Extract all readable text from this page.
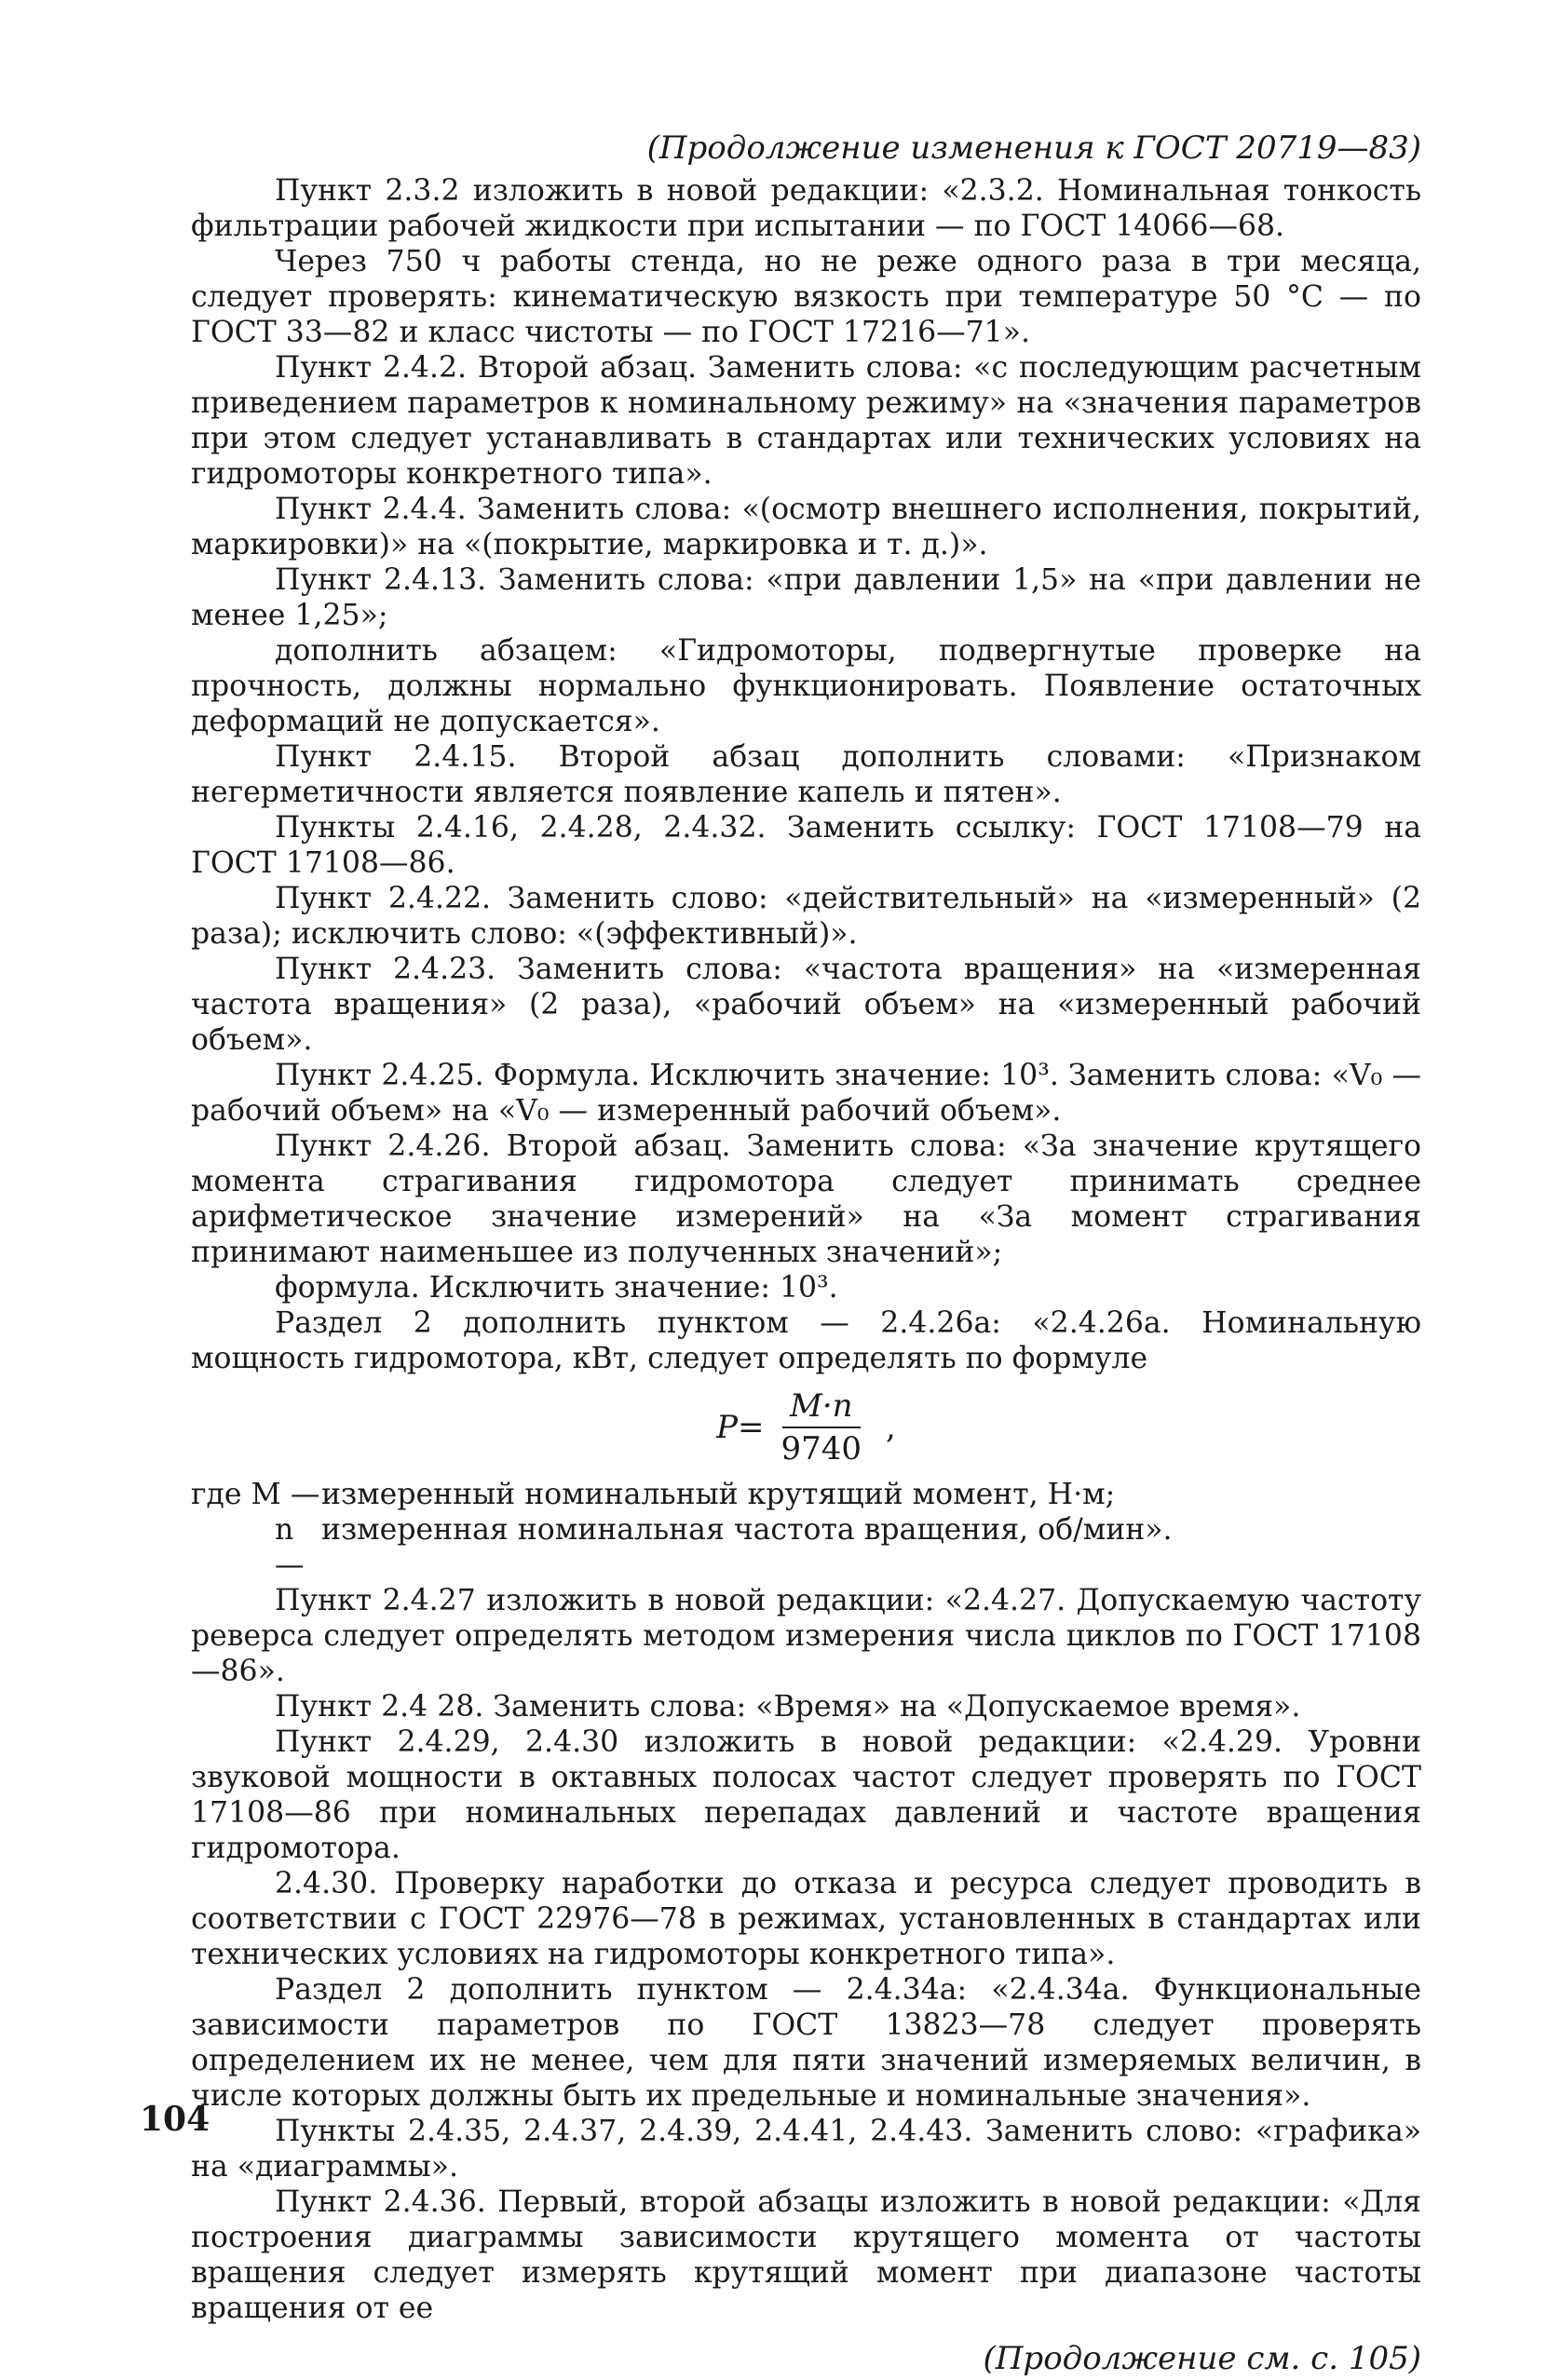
(Продолжение изменения к ГОСТ 20719—83)

Пункт 2.3.2 изложить в новой редакции: «2.3.2. Номинальная тонкость фильтрации рабочей жидкости при испытании — по ГОСТ 14066—68.

Через 750 ч работы стенда, но не реже одного раза в три месяца, следует проверять: кинематическую вязкость при температуре 50 °С — по ГОСТ 33—82 и класс чистоты — по ГОСТ 17216—71».

Пункт 2.4.2. Второй абзац. Заменить слова: «с последующим расчетным приведением параметров к номинальному режиму» на «значения параметров при этом следует устанавливать в стандартах или технических условиях на гидромоторы конкретного типа».

Пункт 2.4.4. Заменить слова: «(осмотр внешнего исполнения, покрытий, маркировки)» на «(покрытие, маркировка и т. д.)».

Пункт 2.4.13. Заменить слова: «при давлении 1,5» на «при давлении не менее 1,25»;

дополнить абзацем: «Гидромоторы, подвергнутые проверке на прочность, должны нормально функционировать. Появление остаточных деформаций не допускается».

Пункт 2.4.15. Второй абзац дополнить словами: «Признаком негерметичности является появление капель и пятен».

Пункты 2.4.16, 2.4.28, 2.4.32. Заменить ссылку: ГОСТ 17108—79 на ГОСТ 17108—86.

Пункт 2.4.22. Заменить слово: «действительный» на «измеренный» (2 раза); исключить слово: «(эффективный)».

Пункт 2.4.23. Заменить слова: «частота вращения» на «измеренная частота вращения» (2 раза), «рабочий объем» на «измеренный рабочий объем».

Пункт 2.4.25. Формула. Исключить значение: 10³. Заменить слова: «V₀ — рабочий объем» на «V₀ — измеренный рабочий объем».

Пункт 2.4.26. Второй абзац. Заменить слова: «За значение крутящего момента страгивания гидромотора следует принимать среднее арифметическое значение измерений» на «За момент страгивания принимают наименьшее из полученных значений»;

формула. Исключить значение: 10³.

Раздел 2 дополнить пунктом — 2.4.26а: «2.4.26а. Номинальную мощность гидромотора, кВт, следует определять по формуле

$P= \frac{M\cdot n}{9740}$ ,
где M — измеренный номинальный крутящий момент, Н·м;
n —
измеренная номинальная частота вращения, об/мин».

Пункт 2.4.27 изложить в новой редакции: «2.4.27. Допускаемую частоту реверса следует определять методом измерения числа циклов по ГОСТ 17108—86».

Пункт 2.4 28. Заменить слова: «Время» на «Допускаемое время».

Пункт 2.4.29, 2.4.30 изложить в новой редакции: «2.4.29. Уровни звуковой мощности в октавных полосах частот следует проверять по ГОСТ 17108—86 при номинальных перепадах давлений и частоте вращения гидромотора.

2.4.30. Проверку наработки до отказа и ресурса следует проводить в соответствии с ГОСТ 22976—78 в режимах, установленных в стандартах или технических условиях на гидромоторы конкретного типа».

Раздел 2 дополнить пунктом — 2.4.34а: «2.4.34а. Функциональные зависимости параметров по ГОСТ 13823—78 следует проверять определением их не менее, чем для пяти значений измеряемых величин, в числе которых должны быть их предельные и номинальные значения».

Пункты 2.4.35, 2.4.37, 2.4.39, 2.4.41, 2.4.43. Заменить слово: «графика» на «диаграммы».

Пункт 2.4.36. Первый, второй абзацы изложить в новой редакции: «Для построения диаграммы зависимости крутящего момента от частоты вращения следует измерять крутящий момент при диапазоне частоты вращения от ее

(Продолжение см. с. 105)
104
